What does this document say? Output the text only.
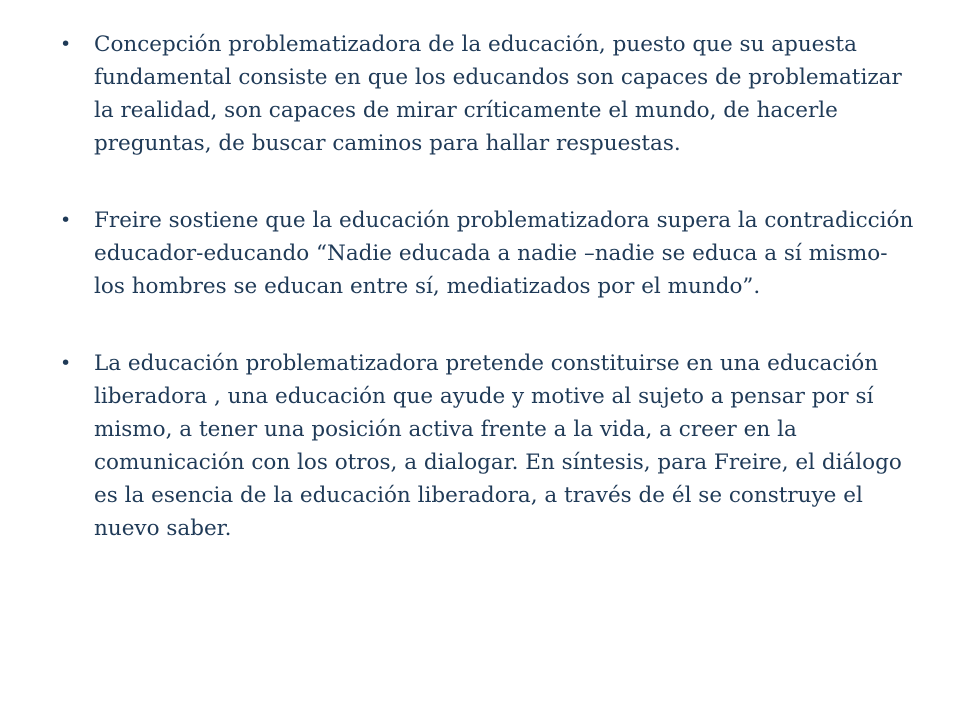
• Concepción problematizadora de la educación, puesto que su apuesta fundamental consiste en que los educandos son capaces de problematizar la realidad, son capaces de mirar críticamente el mundo, de hacerle preguntas, de buscar caminos para hallar respuestas.
• Freire sostiene que la educación problematizadora supera la contradicción educador-educando “Nadie educada a nadie –nadie se educa a sí mismo- los hombres se educan entre sí, mediatizados por el mundo”.
• La educación problematizadora pretende constituirse en una educación liberadora , una educación que ayude y motive al sujeto a pensar por sí mismo, a tener una posición activa frente a la vida, a creer en la comunicación con los otros, a dialogar. En síntesis, para Freire, el diálogo es la esencia de la educación liberadora, a través de él se construye el nuevo saber.
